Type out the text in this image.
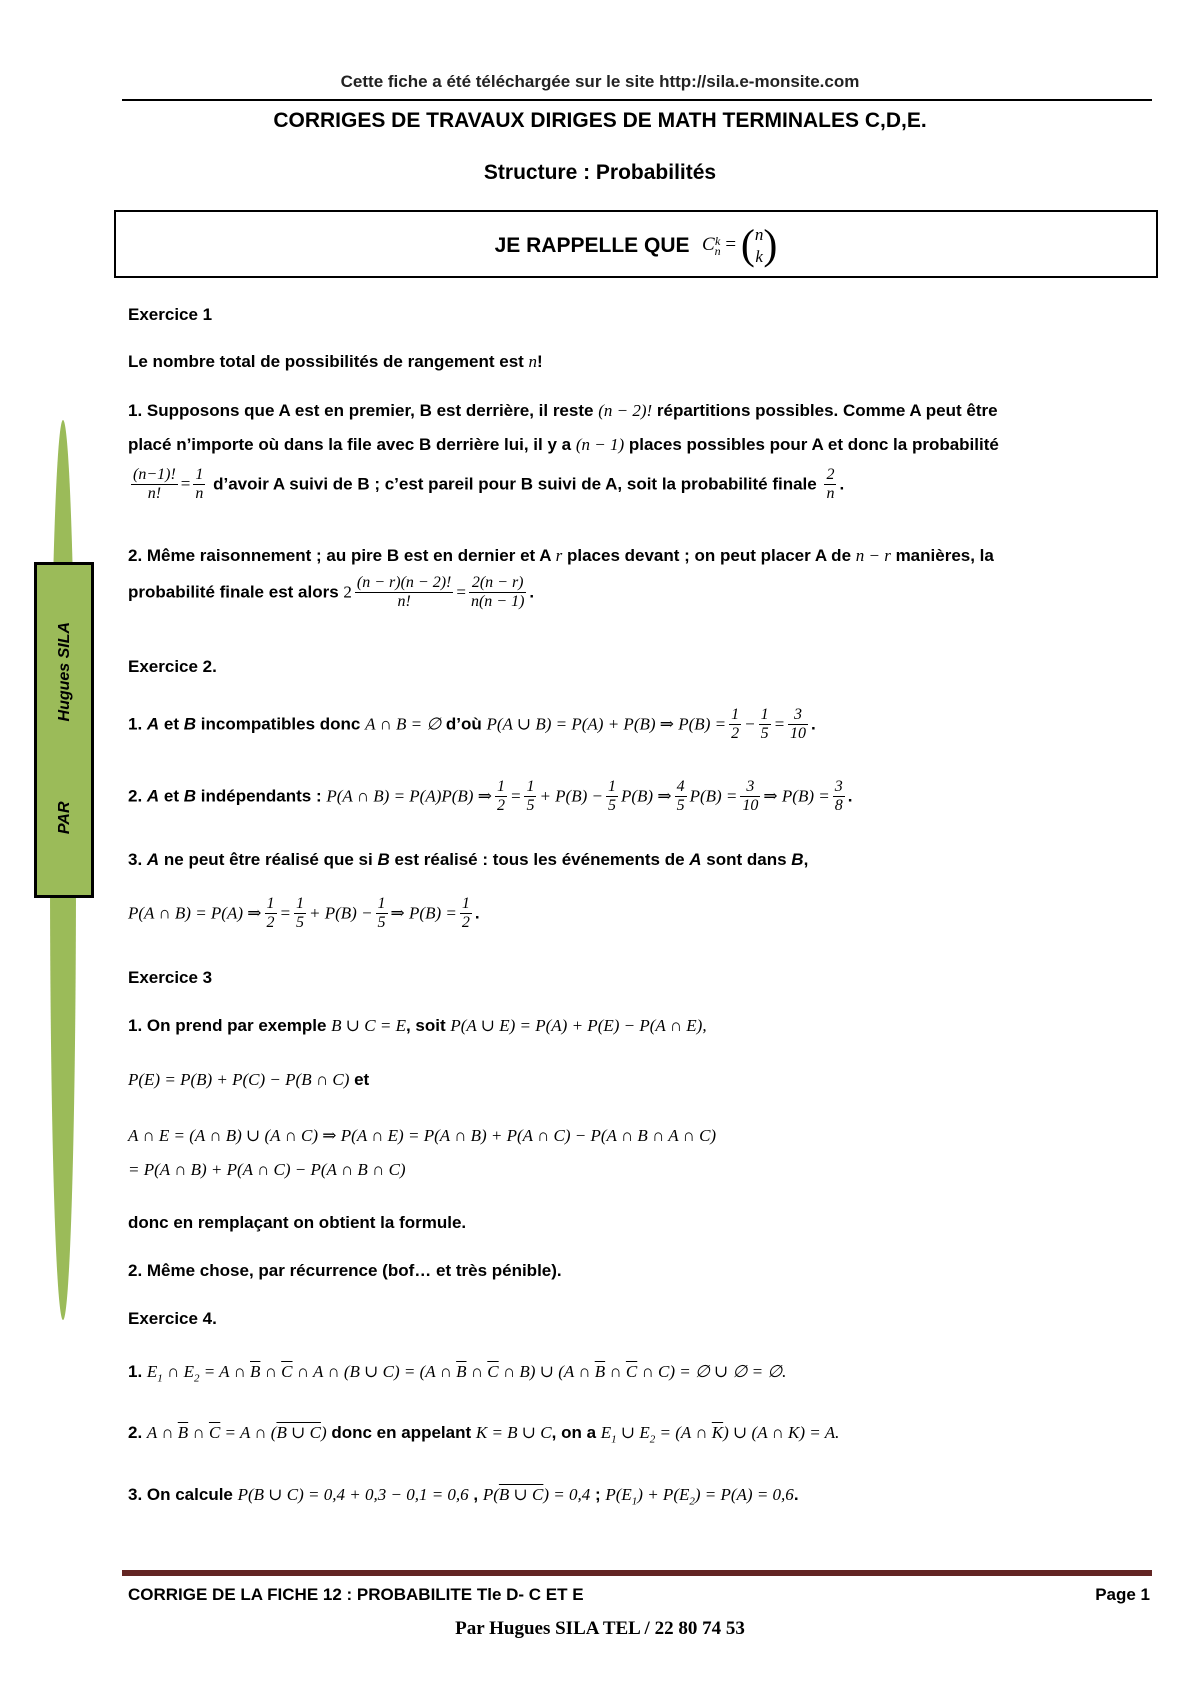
Cette fiche a été téléchargée sur le site http://sila.e-monsite.com
CORRIGES DE TRAVAUX DIRIGES DE MATH TERMINALES C,D,E.
Structure : Probabilités
JE RAPPELLE QUE C k
n = ( n
k )
PARHugues SILA
Exercice 1
Le nombre total de possibilités de rangement est n!
1. Supposons que A est en premier, B est derrière, il reste (n − 2)! répartitions possibles. Comme A peut être
placé n’importe où dans la file avec B derrière lui, il y a (n − 1) places possibles pour A et donc la probabilité
$\frac{(n-1)!}{n!} = \frac{1}{n}$ d’avoir A suivi de B ; c’est pareil pour B suivi de A, soit la probabilité finale $\frac{2}{n}$ .
2. Même raisonnement ; au pire B est en dernier et A r places devant ; on peut placer A de n − r manières, la
probabilité finale est alors $2 \frac{(n - r)(n - 2)!}{n!} = \frac{2(n - r)}{n(n - 1)}$ .
Exercice 2.
1. A et B incompatibles donc A ∩ B = ∅ d’où P(A ∪ B) = P(A) + P(B) ⇒ $P(B) = \frac{1}{2} - \frac{1}{5} = \frac{3}{10}$ .
2. A et B indépendants : P(A ∩ B) = P(A)P(B) ⇒ $\frac{1}{2} = \frac{1}{5} + P(B) - \frac{1}{5} P(B)$ ⇒ $\frac{4}{5} P(B) = \frac{3}{10}$ ⇒ $P(B) = \frac{3}{8}$ .
3. A ne peut être réalisé que si B est réalisé : tous les événements de A sont dans B,
P(A ∩ B) = P(A) ⇒ $\frac{1}{2} = \frac{1}{5} + P(B) - \frac{1}{5}$ ⇒ $P(B) = \frac{1}{2}$ .
Exercice 3
1. On prend par exemple B ∪ C = E, soit P(A ∪ E) = P(A) + P(E) − P(A ∩ E),
P(E) = P(B) + P(C) − P(B ∩ C) et
A ∩ E = (A ∩ B) ∪ (A ∩ C) ⇒ P(A ∩ E) = P(A ∩ B) + P(A ∩ C) − P(A ∩ B ∩ A ∩ C)
= P(A ∩ B) + P(A ∩ C) − P(A ∩ B ∩ C)
donc en remplaçant on obtient la formule.
2. Même chose, par récurrence (bof… et très pénible).
Exercice 4.
1. $E_1$ ∩ $E_2 = A$ ∩ $\overline{B}$ ∩ $\overline{C}$ ∩ A ∩ (B ∪ C) = (A ∩ $\overline{B}$ ∩ $\overline{C}$ ∩ B) ∪ (A ∩ $\overline{B}$ ∩ $\overline{C}$ ∩ C) = ∅ ∪ ∅ = ∅.
2. A ∩ $\overline{B}$ ∩ $\overline{C} = A$ ∩ (B ∪ C) donc en appelant K = B ∪ C, on a $E_1$ ∪ $E_2 = (A$ ∩ $\overline{K}$) ∪ (A ∩ K) = A.
3. On calcule P(B ∪ C) = 0,4 + 0,3 − 0,1 = 0,6 , P(B ∪ C) = 0,4 ; $P(E_1) + P(E_2) = P(A) = 0,6$.
CORRIGE DE LA FICHE 12 : PROBABILITE Tle D- C ET E	Page 1
Par Hugues SILA TEL / 22 80 74 53
